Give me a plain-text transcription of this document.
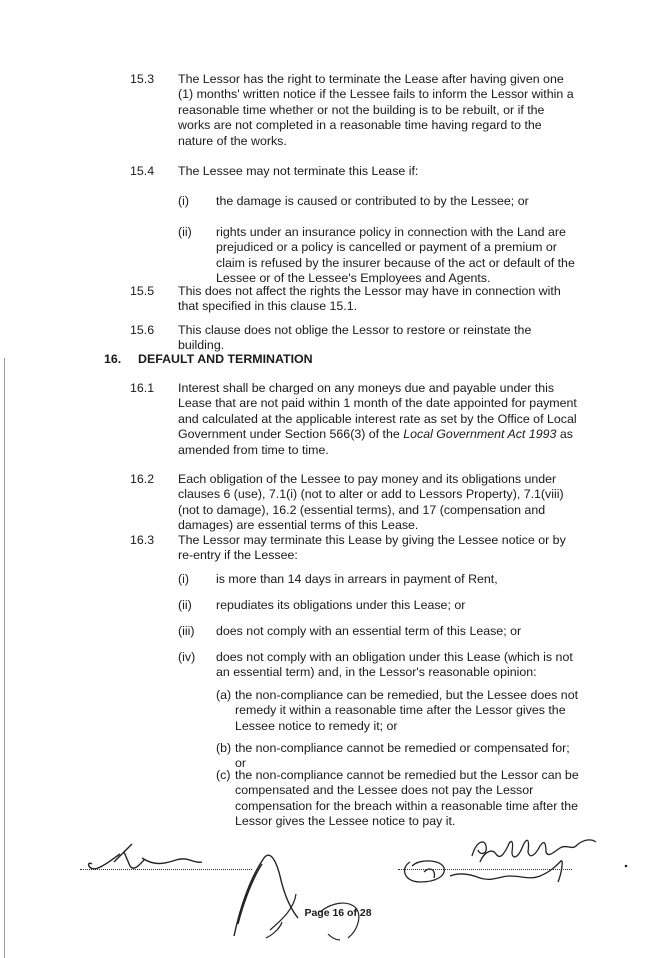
15.3	The Lessor has the right to terminate the Lease after having given one (1) months' written notice if the Lessee fails to inform the Lessor within a reasonable time whether or not the building is to be rebuilt, or if the works are not completed in a reasonable time having regard to the nature of the works.
15.4	The Lessee may not terminate this Lease if:
(i)	the damage is caused or contributed to by the Lessee; or
(ii)	rights under an insurance policy in connection with the Land are prejudiced or a policy is cancelled or payment of a premium or claim is refused by the insurer because of the act or default of the Lessee or of the Lessee's Employees and Agents.
15.5	This does not affect the rights the Lessor may have in connection with that specified in this clause 15.1.
15.6	This clause does not oblige the Lessor to restore or reinstate the building.
16.	DEFAULT AND TERMINATION
16.1	Interest shall be charged on any moneys due and payable under this Lease that are not paid within 1 month of the date appointed for payment and calculated at the applicable interest rate as set by the Office of Local Government under Section 566(3) of the Local Government Act 1993 as amended from time to time.
16.2	Each obligation of the Lessee to pay money and its obligations under clauses 6 (use), 7.1(i) (not to alter or add to Lessors Property), 7.1(viii) (not to damage), 16.2 (essential terms), and 17 (compensation and damages) are essential terms of this Lease.
16.3	The Lessor may terminate this Lease by giving the Lessee notice or by re-entry if the Lessee:
(i)	is more than 14 days in arrears in payment of Rent,
(ii)	repudiates its obligations under this Lease; or
(iii)	does not comply with an essential term of this Lease; or
(iv)	does not comply with an obligation under this Lease (which is not an essential term) and, in the Lessor's reasonable opinion:
(a) the non-compliance can be remedied, but the Lessee does not remedy it within a reasonable time after the Lessor gives the Lessee notice to remedy it; or
(b) the non-compliance cannot be remedied or compensated for; or
(c) the non-compliance cannot be remedied but the Lessor can be compensated and the Lessee does not pay the Lessor compensation for the breach within a reasonable time after the Lessor gives the Lessee notice to pay it.
Page 16 of 28
